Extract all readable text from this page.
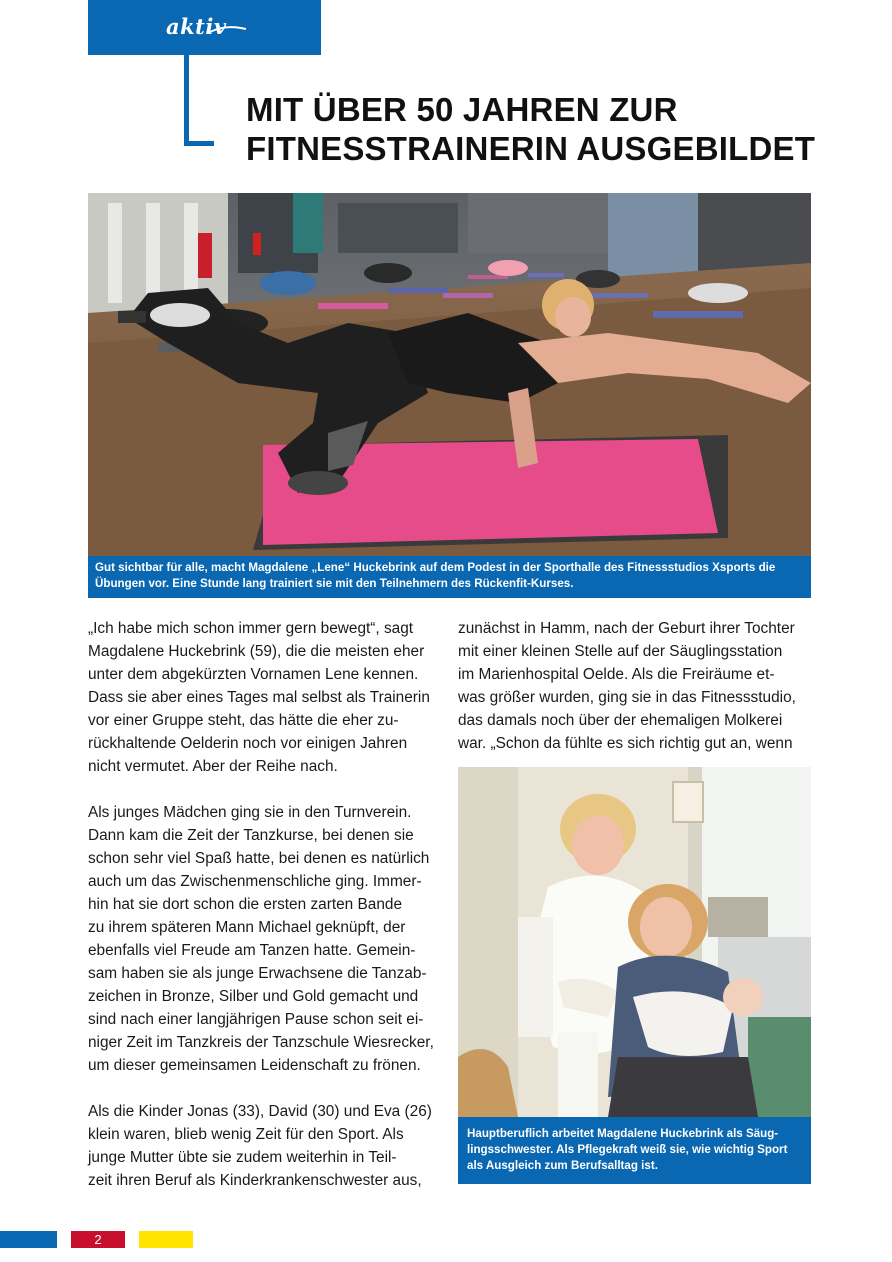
aktiv
MIT ÜBER 50 JAHREN ZUR
FITNESSTRAINERIN AUSGEBILDET
Gut sichtbar für alle, macht Magdalene „Lene“ Huckebrink auf dem Podest in der Sporthalle des Fitnessstudios Xsports die Übungen vor. Eine Stunde lang trainiert sie mit den Teilnehmern des Rückenfit-Kurses.

„Ich habe mich schon immer gern bewegt“, sagt
Magdalene Huckebrink (59), die die meisten eher
unter dem abgekürzten Vornamen Lene kennen.
Dass sie aber eines Tages mal selbst als Trainerin
vor einer Gruppe steht, das hätte die eher zu-
rückhaltende Oelderin noch vor einigen Jahren
nicht vermutet. Aber der Reihe nach.

Als junges Mädchen ging sie in den Turnverein.
Dann kam die Zeit der Tanzkurse, bei denen sie
schon sehr viel Spaß hatte, bei denen es natürlich
auch um das Zwischenmenschliche ging. Immer-
hin hat sie dort schon die ersten zarten Bande
zu ihrem späteren Mann Michael geknüpft, der
ebenfalls viel Freude am Tanzen hatte. Gemein-
sam haben sie als junge Erwachsene die Tanzab-
zeichen in Bronze, Silber und Gold gemacht und
sind nach einer langjährigen Pause schon seit ei-
niger Zeit im Tanzkreis der Tanzschule Wiesrecker,
um dieser gemeinsamen Leidenschaft zu frönen.

Als die Kinder Jonas (33), David (30) und Eva (26)
klein waren, blieb wenig Zeit für den Sport. Als
junge Mutter übte sie zudem weiterhin in Teil-
zeit ihren Beruf als Kinderkrankenschwester aus,

zunächst in Hamm, nach der Geburt ihrer Tochter
mit einer kleinen Stelle auf der Säuglingsstation
im Marienhospital Oelde. Als die Freiräume et-
was größer wurden, ging sie in das Fitnessstudio,
das damals noch über der ehemaligen Molkerei
war. „Schon da fühlte es sich richtig gut an, wenn

Hauptberuflich arbeitet Magdalene Huckebrink als Säug-
lingsschwester. Als Pflegekraft weiß sie, wie wichtig Sport
als Ausgleich zum Berufsalltag ist.
2
